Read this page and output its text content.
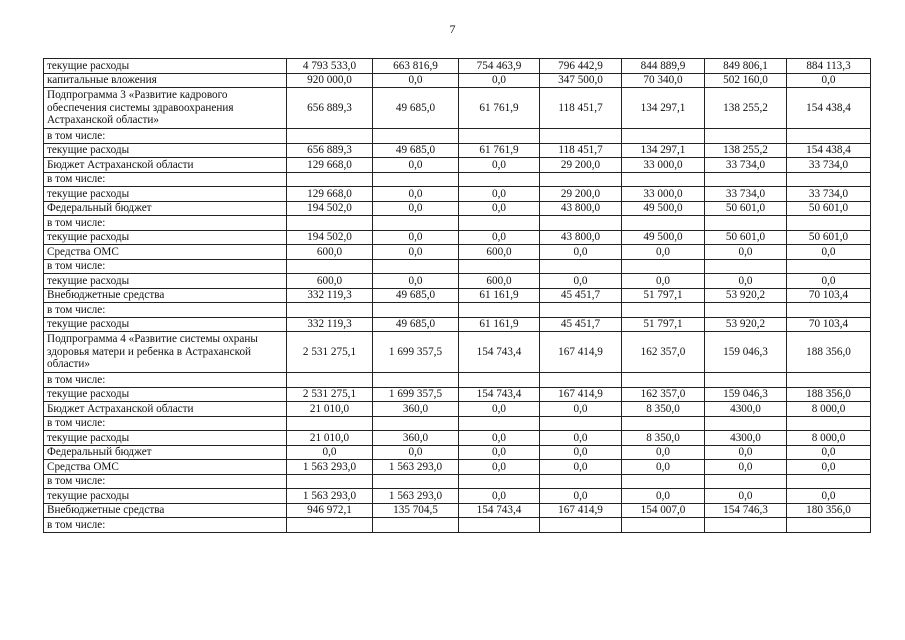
7
текущие расходы	4 793 533,0	663 816,9	754 463,9	796 442,9	844 889,9	849 806,1	884 113,3
капитальные вложения	920 000,0	0,0	0,0	347 500,0	70 340,0	502 160,0	0,0
Подпрограмма 3 «Развитие кадрового обеспечения системы здравоохранения Астраханской области»	656 889,3	49 685,0	61 761,9	118 451,7	134 297,1	138 255,2	154 438,4
в том числе:							
текущие расходы	656 889,3	49 685,0	61 761,9	118 451,7	134 297,1	138 255,2	154 438,4
Бюджет Астраханской области	129 668,0	0,0	0,0	29 200,0	33 000,0	33 734,0	33 734,0
в том числе:							
текущие расходы	129 668,0	0,0	0,0	29 200,0	33 000,0	33 734,0	33 734,0
Федеральный бюджет	194 502,0	0,0	0,0	43 800,0	49 500,0	50 601,0	50 601,0
в том числе:							
текущие расходы	194 502,0	0,0	0,0	43 800,0	49 500,0	50 601,0	50 601,0
Средства ОМС	600,0	0,0	600,0	0,0	0,0	0,0	0,0
в том числе:							
текущие расходы	600,0	0,0	600,0	0,0	0,0	0,0	0,0
Внебюджетные средства	332 119,3	49 685,0	61 161,9	45 451,7	51 797,1	53 920,2	70 103,4
в том числе:							
текущие расходы	332 119,3	49 685,0	61 161,9	45 451,7	51 797,1	53 920,2	70 103,4
Подпрограмма 4 «Развитие системы охраны здоровья матери и ребенка в Астраханской области»	2 531 275,1	1 699 357,5	154 743,4	167 414,9	162 357,0	159 046,3	188 356,0
в том числе:							
текущие расходы	2 531 275,1	1 699 357,5	154 743,4	167 414,9	162 357,0	159 046,3	188 356,0
Бюджет Астраханской области	21 010,0	360,0	0,0	0,0	8 350,0	4300,0	8 000,0
в том числе:							
текущие расходы	21 010,0	360,0	0,0	0,0	8 350,0	4300,0	8 000,0
Федеральный бюджет	0,0	0,0	0,0	0,0	0,0	0,0	0,0
Средства ОМС	1 563 293,0	1 563 293,0	0,0	0,0	0,0	0,0	0,0
в том числе:							
текущие расходы	1 563 293,0	1 563 293,0	0,0	0,0	0,0	0,0	0,0
Внебюджетные средства	946 972,1	135 704,5	154 743,4	167 414,9	154 007,0	154 746,3	180 356,0
в том числе:							
